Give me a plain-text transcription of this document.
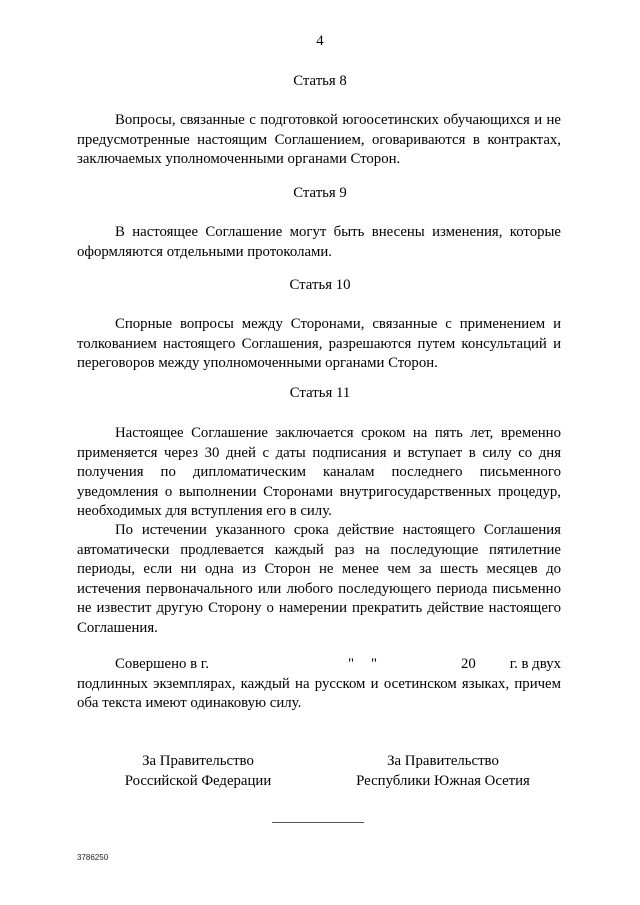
4
Статья 8
Вопросы, связанные с подготовкой югоосетинских обучающихся и не предусмотренные настоящим Соглашением, оговариваются в контрактах, заключаемых уполномоченными органами Сторон.
Статья 9
В настоящее Соглашение могут быть внесены изменения, которые оформляются отдельными протоколами.
Статья 10
Спорные вопросы между Сторонами, связанные с применением и толкованием настоящего Соглашения, разрешаются путем консультаций и переговоров между уполномоченными органами Сторон.
Статья 11
Настоящее Соглашение заключается сроком на пять лет, временно применяется через 30 дней с даты подписания и вступает в силу со дня получения по дипломатическим каналам последнего письменного уведомления о выполнении Сторонами внутригосударственных процедур, необходимых для вступления его в силу.
По истечении указанного срока действие настоящего Соглашения автоматически продлевается каждый раз на последующие пятилетние периоды, если ни одна из Сторон не менее чем за шесть месяцев до истечения первоначального или любого последующего периода письменно не известит другую Сторону о намерении прекратить действие настоящего Соглашения.
Совершено в г.	" "	20 г. в двух
подлинных экземплярах, каждый на русском и осетинском языках, причем оба текста имеют одинаковую силу.
За Правительство
Российской Федерации
За Правительство
Республики Южная Осетия
3786250
